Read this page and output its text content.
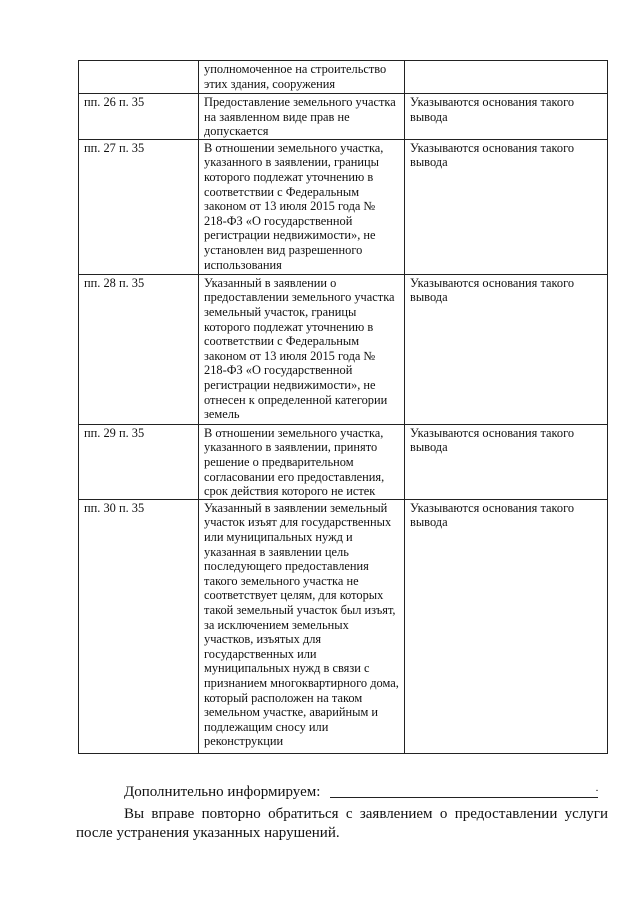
	уполномоченное на строительство этих здания, сооружения	

пп. 26 п. 35	Предоставление земельного участка на заявленном виде прав не допускается	Указываются основания такого вывода

пп. 27 п. 35	В отношении земельного участка, указанного в заявлении, границы которого подлежат уточнению в соответствии с Федеральным законом от 13 июля 2015 года № 218-ФЗ «О государственной регистрации недвижимости», не установлен вид разрешенного использования	Указываются основания такого вывода

пп. 28 п. 35	Указанный в заявлении о предоставлении земельного участка земельный участок, границы которого подлежат уточнению в соответствии с Федеральным законом от 13 июля 2015 года № 218-ФЗ «О государственной регистрации недвижимости», не отнесен к определенной категории земель	Указываются основания такого вывода

пп. 29 п. 35	В отношении земельного участка, указанного в заявлении, принято решение о предварительном согласовании его предоставления, срок действия которого не истек	Указываются основания такого вывода

пп. 30 п. 35	Указанный в заявлении земельный участок изъят для государственных или муниципальных нужд и указанная в заявлении цель последующего предоставления такого земельного участка не соответствует целям, для которых такой земельный участок был изъят, за исключением земельных участков, изъятых для государственных или муниципальных нужд в связи с признанием многоквартирного дома, который расположен на таком земельном участке, аварийным и подлежащим сносу или реконструкции	Указываются основания такого вывода
Дополнительно информируем:	.
Вы вправе повторно обратиться с заявлением о предоставлении услуги после устранения указанных нарушений.
